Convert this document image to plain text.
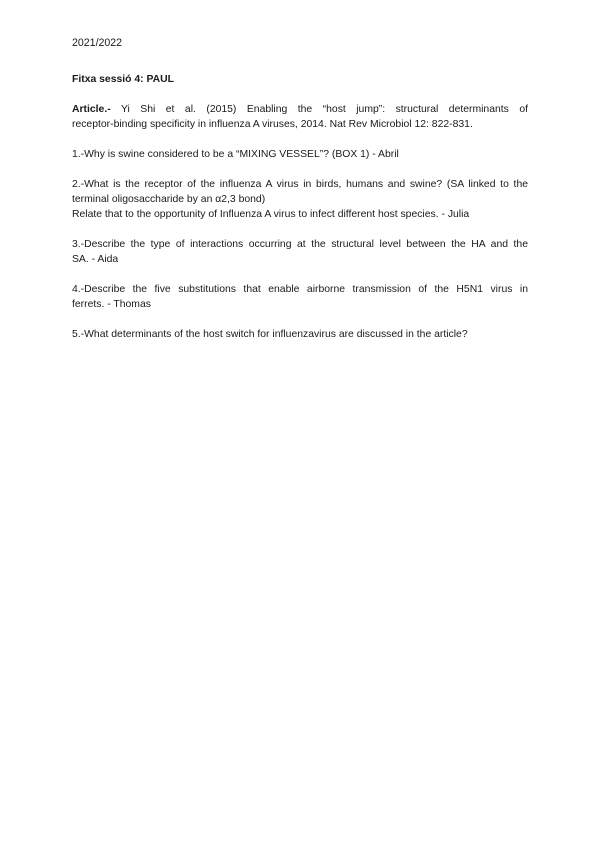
2021/2022
Fitxa sessió 4: PAUL
Article.- Yi Shi et al. (2015) Enabling the “host jump”: structural determinants of
receptor-binding specificity in influenza A viruses, 2014. Nat Rev Microbiol 12: 822-831.
1.-Why is swine considered to be a “MIXING VESSEL”? (BOX 1) - Abril
2.-What is the receptor of the influenza A virus in birds, humans and swine? (SA linked to the
terminal oligosaccharide by an α2,3 bond)
Relate that to the opportunity of Influenza A virus to infect different host species. - Julia
3.-Describe the type of interactions occurring at the structural level between the HA and the
SA. - Aida
4.-Describe the five substitutions that enable airborne transmission of the H5N1 virus in
ferrets. - Thomas
5.-What determinants of the host switch for influenzavirus are discussed in the article?
